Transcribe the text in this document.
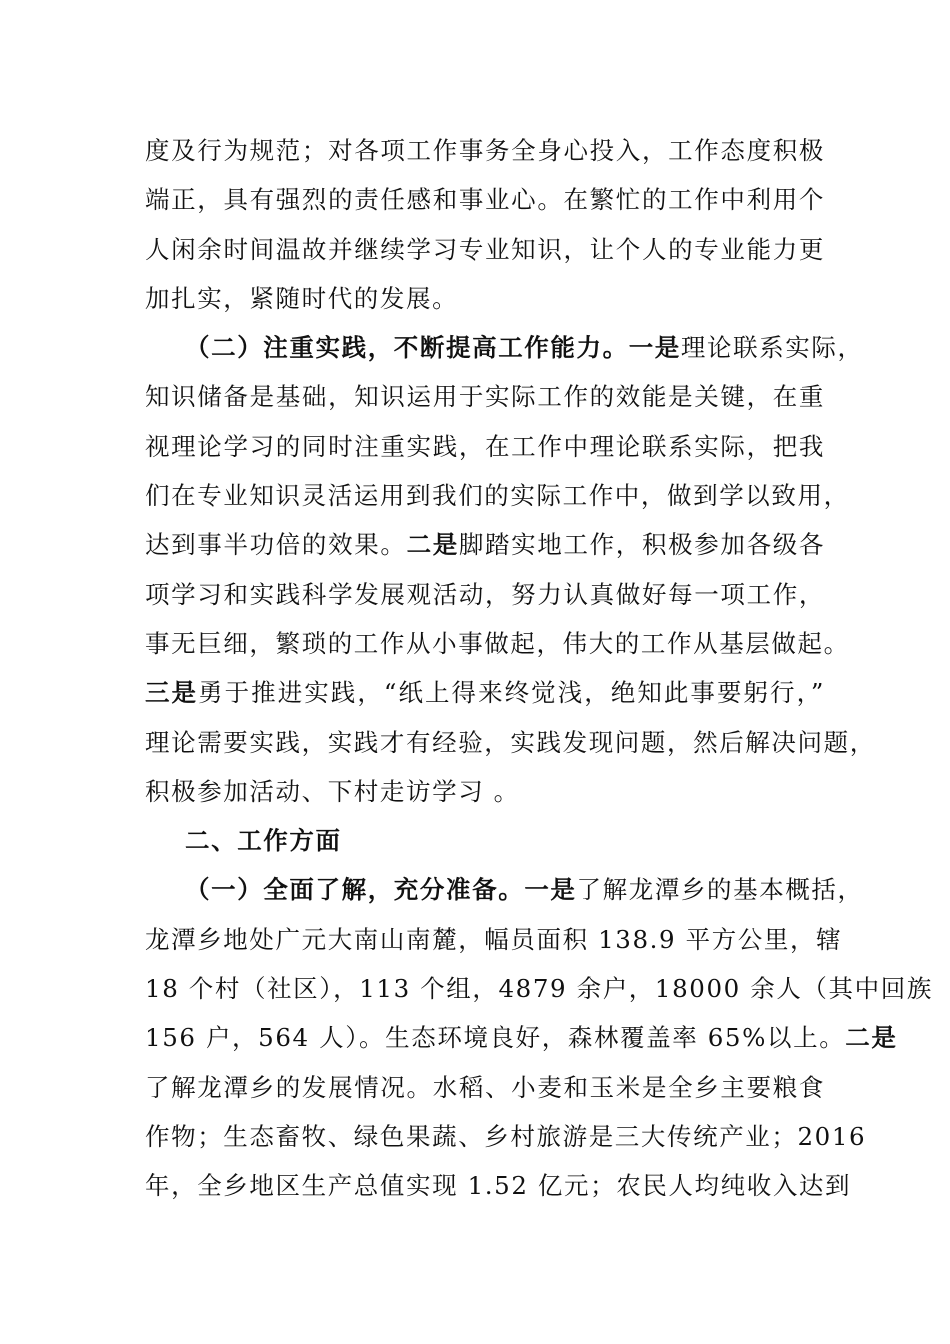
度及行为规范；对各项工作事务全身心投入，工作态度积极
端正，具有强烈的责任感和事业心。在繁忙的工作中利用个
人闲余时间温故并继续学习专业知识，让个人的专业能力更
加扎实，紧随时代的发展。
（二）注重实践，不断提高工作能力。一是理论联系实际，
知识储备是基础，知识运用于实际工作的效能是关键，在重
视理论学习的同时注重实践，在工作中理论联系实际，把我
们在专业知识灵活运用到我们的实际工作中，做到学以致用，
达到事半功倍的效果。二是脚踏实地工作，积极参加各级各
项学习和实践科学发展观活动，努力认真做好每一项工作，
事无巨细，繁琐的工作从小事做起，伟大的工作从基层做起。
三是勇于推进实践，“纸上得来终觉浅，绝知此事要躬行，”
理论需要实践，实践才有经验，实践发现问题，然后解决问题，
积极参加活动、下村走访学习 。
二、工作方面
（一）全面了解，充分准备。一是了解龙潭乡的基本概括，
龙潭乡地处广元大南山南麓，幅员面积 138.9 平方公里，辖
18 个村（社区），113 个组，4879 余户，18000 余人（其中回族
156 户，564 人）。生态环境良好，森林覆盖率 65%以上。二是
了解龙潭乡的发展情况。水稻、小麦和玉米是全乡主要粮食
作物；生态畜牧、绿色果蔬、乡村旅游是三大传统产业；2016
年，全乡地区生产总值实现 1.52 亿元；农民人均纯收入达到
